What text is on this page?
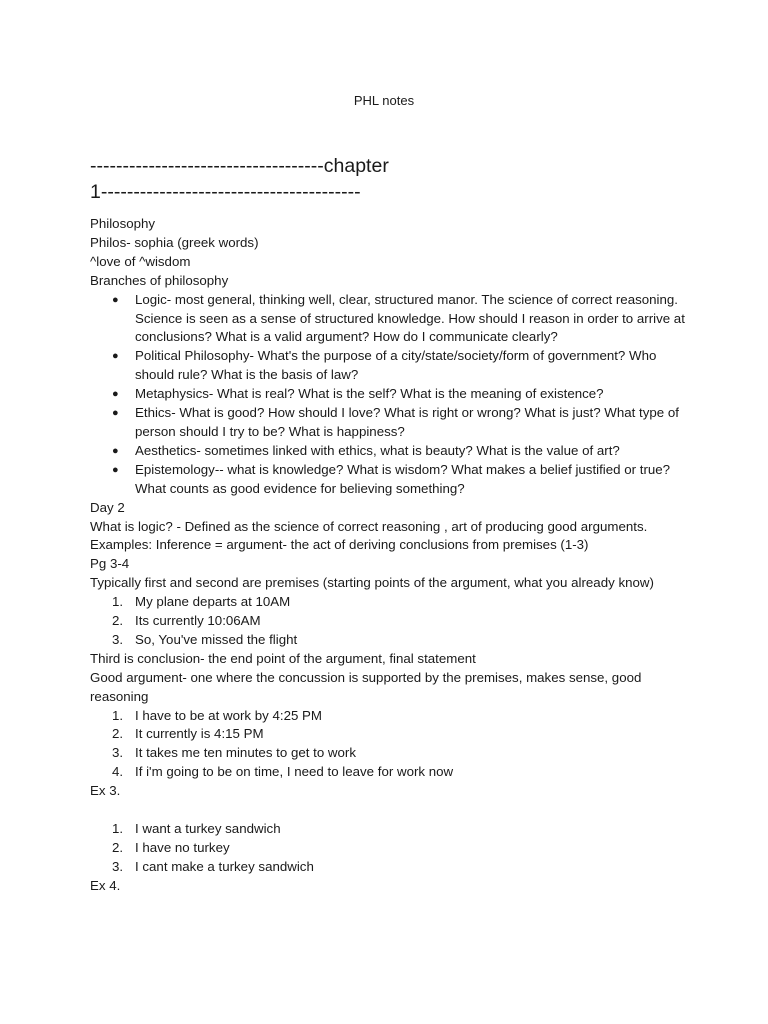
PHL notes
------------------------------------chapter
1----------------------------------------
Philosophy
Philos- sophia (greek words)
^love of ^wisdom
Branches of philosophy
● Logic- most general, thinking well, clear, structured manor. The science of correct reasoning. Science is seen as a sense of structured knowledge. How should I reason in order to arrive at conclusions? What is a valid argument? How do I communicate clearly?
● Political Philosophy- What's the purpose of a city/state/society/form of government? Who should rule? What is the basis of law?
● Metaphysics- What is real? What is the self? What is the meaning of existence?
● Ethics- What is good? How should I love? What is right or wrong? What is just? What type of person should I try to be? What is happiness?
● Aesthetics- sometimes linked with ethics, what is beauty? What is the value of art?
● Epistemology-- what is knowledge? What is wisdom? What makes a belief justified or true? What counts as good evidence for believing something?
Day 2
What is logic? - Defined as the science of correct reasoning , art of producing good arguments.
Examples: Inference = argument- the act of deriving conclusions from premises (1-3)
Pg 3-4
Typically first and second are premises (starting points of the argument, what you already know)
1. My plane departs at 10AM
2. Its currently 10:06AM
3. So, You've missed the flight
Third is conclusion- the end point of the argument, final statement
Good argument- one where the concussion is supported by the premises, makes sense, good reasoning
1. I have to be at work by 4:25 PM
2. It currently is 4:15 PM
3. It takes me ten minutes to get to work
4. If i'm going to be on time, I need to leave for work now
Ex 3.
1. I want a turkey sandwich
2. I have no turkey
3. I cant make a turkey sandwich
Ex 4.
